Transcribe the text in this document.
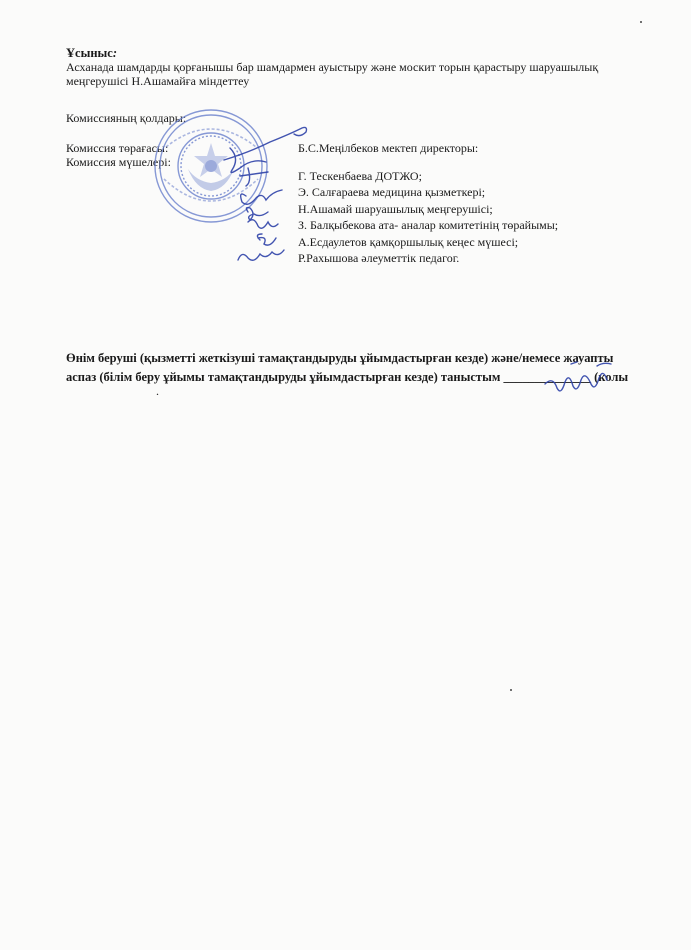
Ұсыныс:
Асханада шамдарды қорғанышы бар шамдармен ауыстыру және москит торын қарастыру шаруашылық
меңгерушісі Н.Ашамайға міндеттеу
Комиссияның қолдары:
Комиссия төрағасы:	Б.С.Меңілбеков мектеп директоры:
Комиссия мүшелері:
Г. Тескенбаева ДОТЖО;
Э. Салғараева медицина қызметкері;
Н.Ашамай шаруашылық меңгерушісі;
З. Балқыбекова ата- аналар комитетінің төрайымы;
А.Есдаулетов қамқоршылық кеңес мүшесі;
Р.Рахышова әлеуметтік педагог.
Өнім беруші (қызметті жеткізуші тамақтандыруды ұйымдастырған кезде) және/немесе жауапты
аспаз (білім беру ұйымы тамақтандыруды ұйымдастырған кезде) таныстым ______________ (колы
.
